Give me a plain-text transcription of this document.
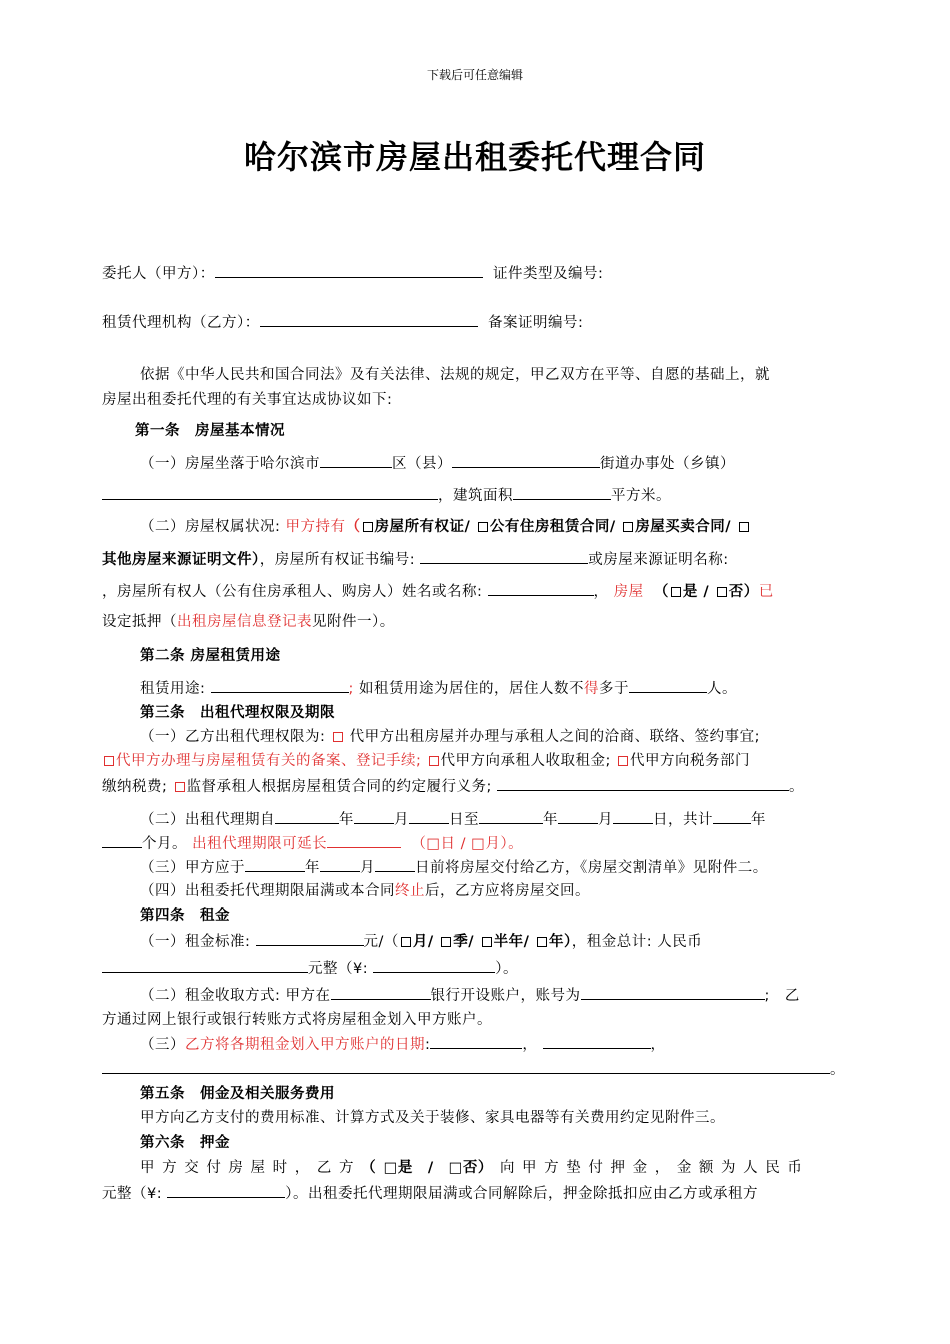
下载后可任意编辑
哈尔滨市房屋出租委托代理合同
委托人（甲方）：	证件类型及编号:
租赁代理机构（乙方）：	备案证明编号:
依据《中华人民共和国合同法》及有关法律、法规的规定，甲乙双方在平等、自愿的基础上，就
房屋出租委托代理的有关事宜达成协议如下:
第一条　房屋基本情况
（一）房屋坐落于哈尔滨市	区（县）	街道办事处（乡镇）
，建筑面积	平方米。
（二）房屋权属状况: 甲方持有（ 房屋所有权证/ 公有住房租赁合同/ 房屋买卖合同/
其他房屋来源证明文件），房屋所有权证书编号:	或房屋来源证明名称:
，房屋所有权人（公有住房承租人、购房人）姓名或名称:	， 房屋 （ 是 / 否）已
设定抵押（出租房屋信息登记表见附件一）。
第二条 房屋租赁用途
租赁用途:	; 如租赁用途为居住的，居住人数不得多于	人。
第三条　出租代理权限及期限
（一）乙方出租代理权限为: 代甲方出租房屋并办理与承租人之间的洽商、联络、签约事宜;
代甲方办理与房屋租赁有关的备案、登记手续; 代甲方向承租人收取租金; 代甲方向税务部门
缴纳税费; 监督承租人根据房屋租赁合同的约定履行义务;	。
（二）出租代理期自	年	月	日至	年	月	日，共计	年
个月。 出租代理期限可延长	（□日 / □月）。
（三）甲方应于	年	月	日前将房屋交付给乙方，《房屋交割清单》见附件二。
（四）出租委托代理期限届满或本合同终止后，乙方应将房屋交回。
第四条　租金
（一）租金标准:	元/（ 月/ 季/ 半年/ 年），租金总计: 人民币
元整（¥:	）。
（二）租金收取方式: 甲方在	银行开设账户，账号为	;　乙
方通过网上银行或银行转账方式将房屋租金划入甲方账户。
（三）乙方将各期租金划入甲方账户的日期:	，	，
。
第五条　佣金及相关服务费用
甲方向乙方支付的费用标准、计算方式及关于装修、家具电器等有关费用约定见附件三。
第六条　押金
甲 方 交 付 房 屋 时 ， 乙 方 （ □是　/　□否） 向 甲 方 垫 付 押 金 ， 金 额 为 人 民 币
元整（¥:	）。出租委托代理期限届满或合同解除后，押金除抵扣应由乙方或承租方
